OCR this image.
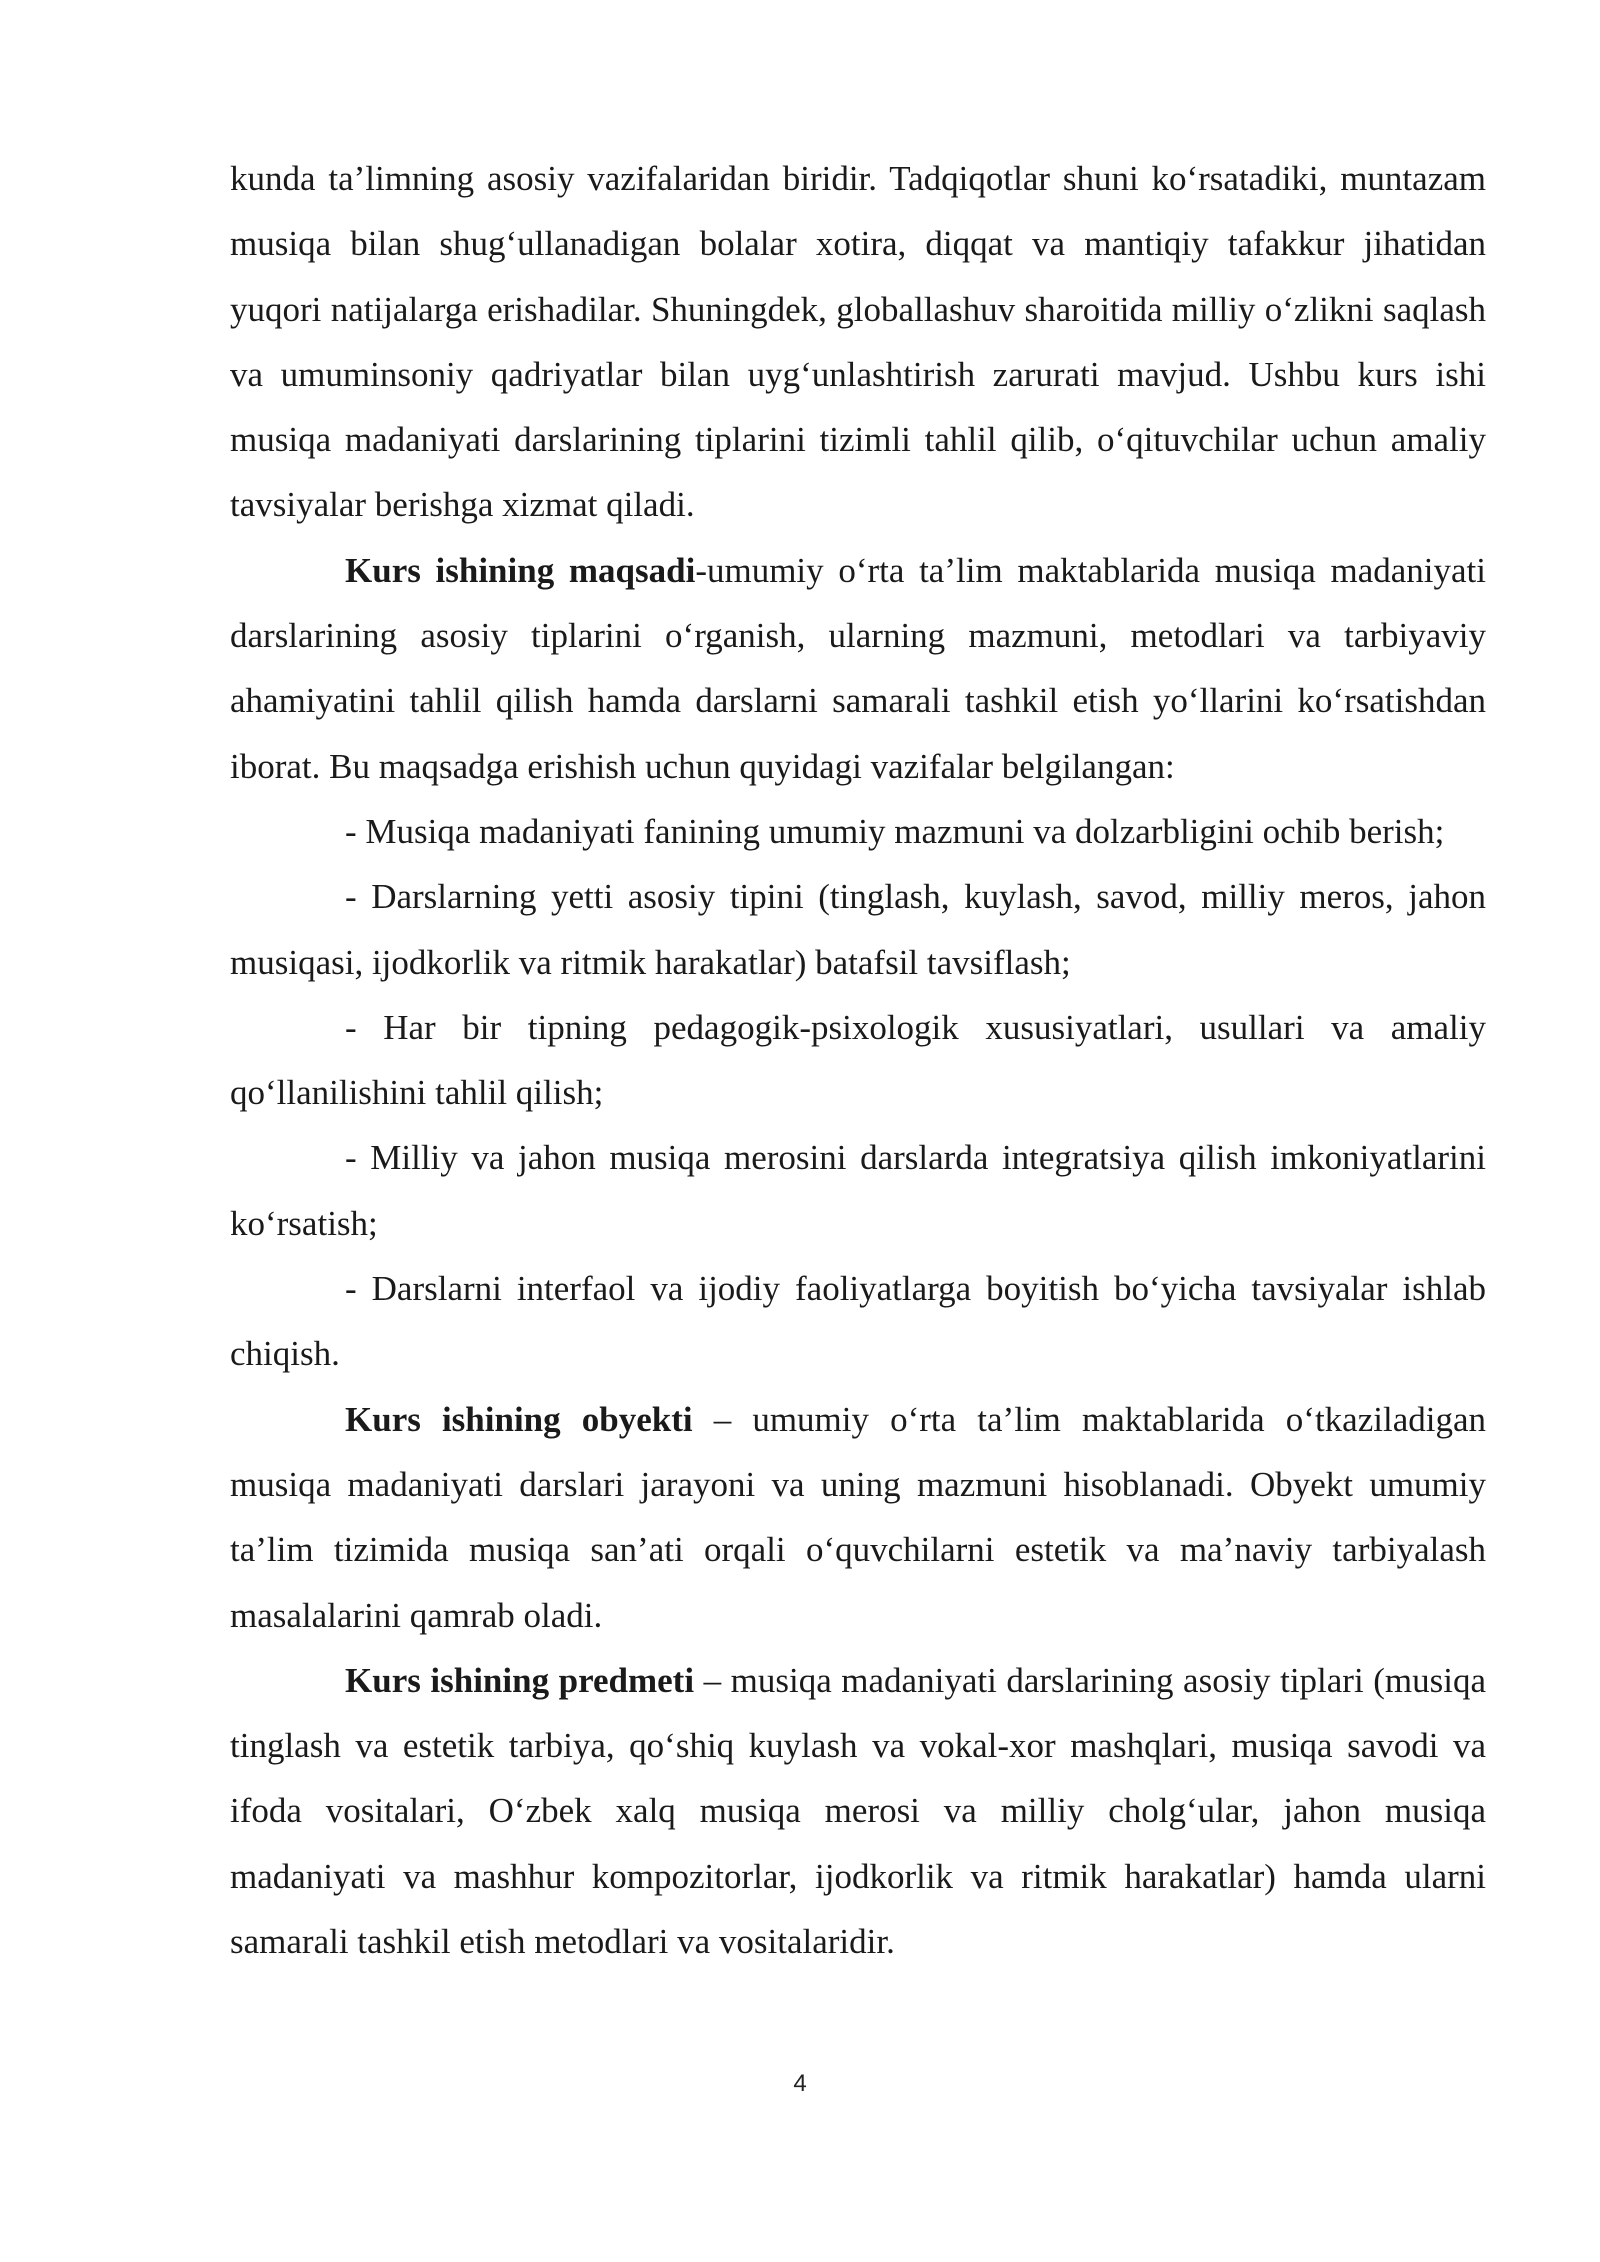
kunda ta’limning asosiy vazifalaridan biridir. Tadqiqotlar shuni ko‘rsatadiki, muntazam musiqa bilan shug‘ullanadigan bolalar xotira, diqqat va mantiqiy tafakkur jihatidan yuqori natijalarga erishadilar. Shuningdek, globallashuv sharoitida milliy o‘zlikni saqlash va umuminsoniy qadriyatlar bilan uyg‘unlashtirish zarurati mavjud. Ushbu kurs ishi musiqa madaniyati darslarining tiplarini tizimli tahlil qilib, o‘qituvchilar uchun amaliy tavsiyalar berishga xizmat qiladi.

Kurs ishining maqsadi-umumiy o‘rta ta’lim maktablarida musiqa madaniyati darslarining asosiy tiplarini o‘rganish, ularning mazmuni, metodlari va tarbiyaviy ahamiyatini tahlil qilish hamda darslarni samarali tashkil etish yo‘llarini ko‘rsatishdan iborat. Bu maqsadga erishish uchun quyidagi vazifalar belgilangan:

- Musiqa madaniyati fanining umumiy mazmuni va dolzarbligini ochib berish;

- Darslarning yetti asosiy tipini (tinglash, kuylash, savod, milliy meros, jahon musiqasi, ijodkorlik va ritmik harakatlar) batafsil tavsiflash;

- Har bir tipning pedagogik-psixologik xususiyatlari, usullari va amaliy qo‘llanilishini tahlil qilish;

- Milliy va jahon musiqa merosini darslarda integratsiya qilish imkoniyatlarini ko‘rsatish;

- Darslarni interfaol va ijodiy faoliyatlarga boyitish bo‘yicha tavsiyalar ishlab chiqish.

Kurs ishining obyekti – umumiy o‘rta ta’lim maktablarida o‘tkaziladigan musiqa madaniyati darslari jarayoni va uning mazmuni hisoblanadi. Obyekt umumiy ta’lim tizimida musiqa san’ati orqali o‘quvchilarni estetik va ma’naviy tarbiyalash masalalarini qamrab oladi.

Kurs ishining predmeti – musiqa madaniyati darslarining asosiy tiplari (musiqa tinglash va estetik tarbiya, qo‘shiq kuylash va vokal-xor mashqlari, musiqa savodi va ifoda vositalari, O‘zbek xalq musiqa merosi va milliy cholg‘ular, jahon musiqa madaniyati va mashhur kompozitorlar, ijodkorlik va ritmik harakatlar) hamda ularni samarali tashkil etish metodlari va vositalaridir.

4
